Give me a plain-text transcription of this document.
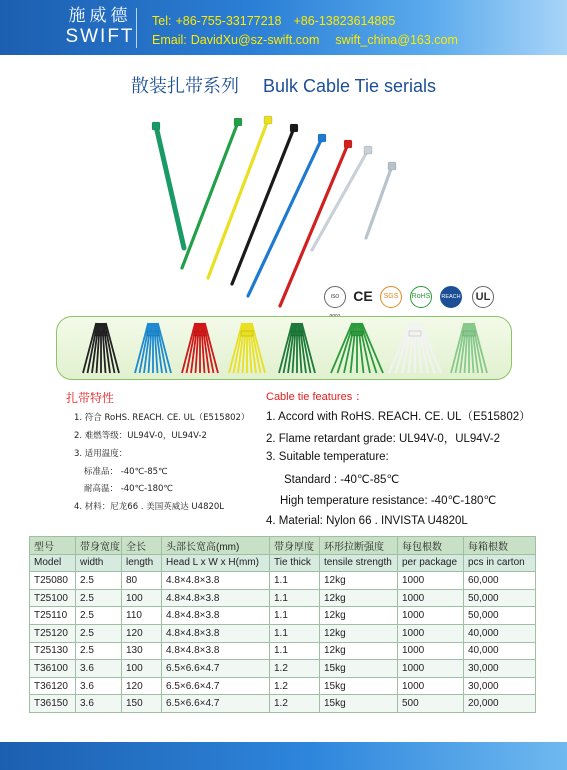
施威德
SWIFT
Tel: +86-755-33177218 +86-13823614885
Email: DavidXu@sz-swift.com swift_china@163.com
散装扎带系列 Bulk Cable Tie serials
ISO CE	SGS	RoHS	REACH	UL
扎带特性
1. 符合 RoHS. REACH. CE. UL（E515802）
2. 难燃等级：UL94V-0，UL94V-2
3. 适用温度：
标准品： -40℃-85℃
耐高温： -40℃-180℃
4. 材料：尼龙66 . 美国英威达 U4820L
Cable tie features ：
1. Accord with RoHS. REACH. CE. UL（E515802）
2. Flame retardant grade: UL94V-0，UL94V-2
3. Suitable temperature:
Standard : -40℃-85℃
High temperature resistance: -40℃-180℃
4. Material: Nylon 66 . INVISTA U4820L
型号	带身宽度	全长	头部长宽高(mm)	带身厚度	环形拉断强度	每包根数	每箱根数
Model	width	length	Head L x W x H(mm)	Tie thick	tensile strength	per package	pcs in carton
T25080	2.5	80	4.8×4.8×3.8	1.1	12kg	1000	60,000
T25100	2.5	100	4.8×4.8×3.8	1.1	12kg	1000	50,000
T25110	2.5	110	4.8×4.8×3.8	1.1	12kg	1000	50,000
T25120	2.5	120	4.8×4.8×3.8	1.1	12kg	1000	40,000
T25130	2.5	130	4.8×4.8×3.8	1.1	12kg	1000	40,000
T36100	3.6	100	6.5×6.6×4.7	1.2	15kg	1000	30,000
T36120	3.6	120	6.5×6.6×4.7	1.2	15kg	1000	30,000
T36150	3.6	150	6.5×6.6×4.7	1.2	15kg	500	20,000
